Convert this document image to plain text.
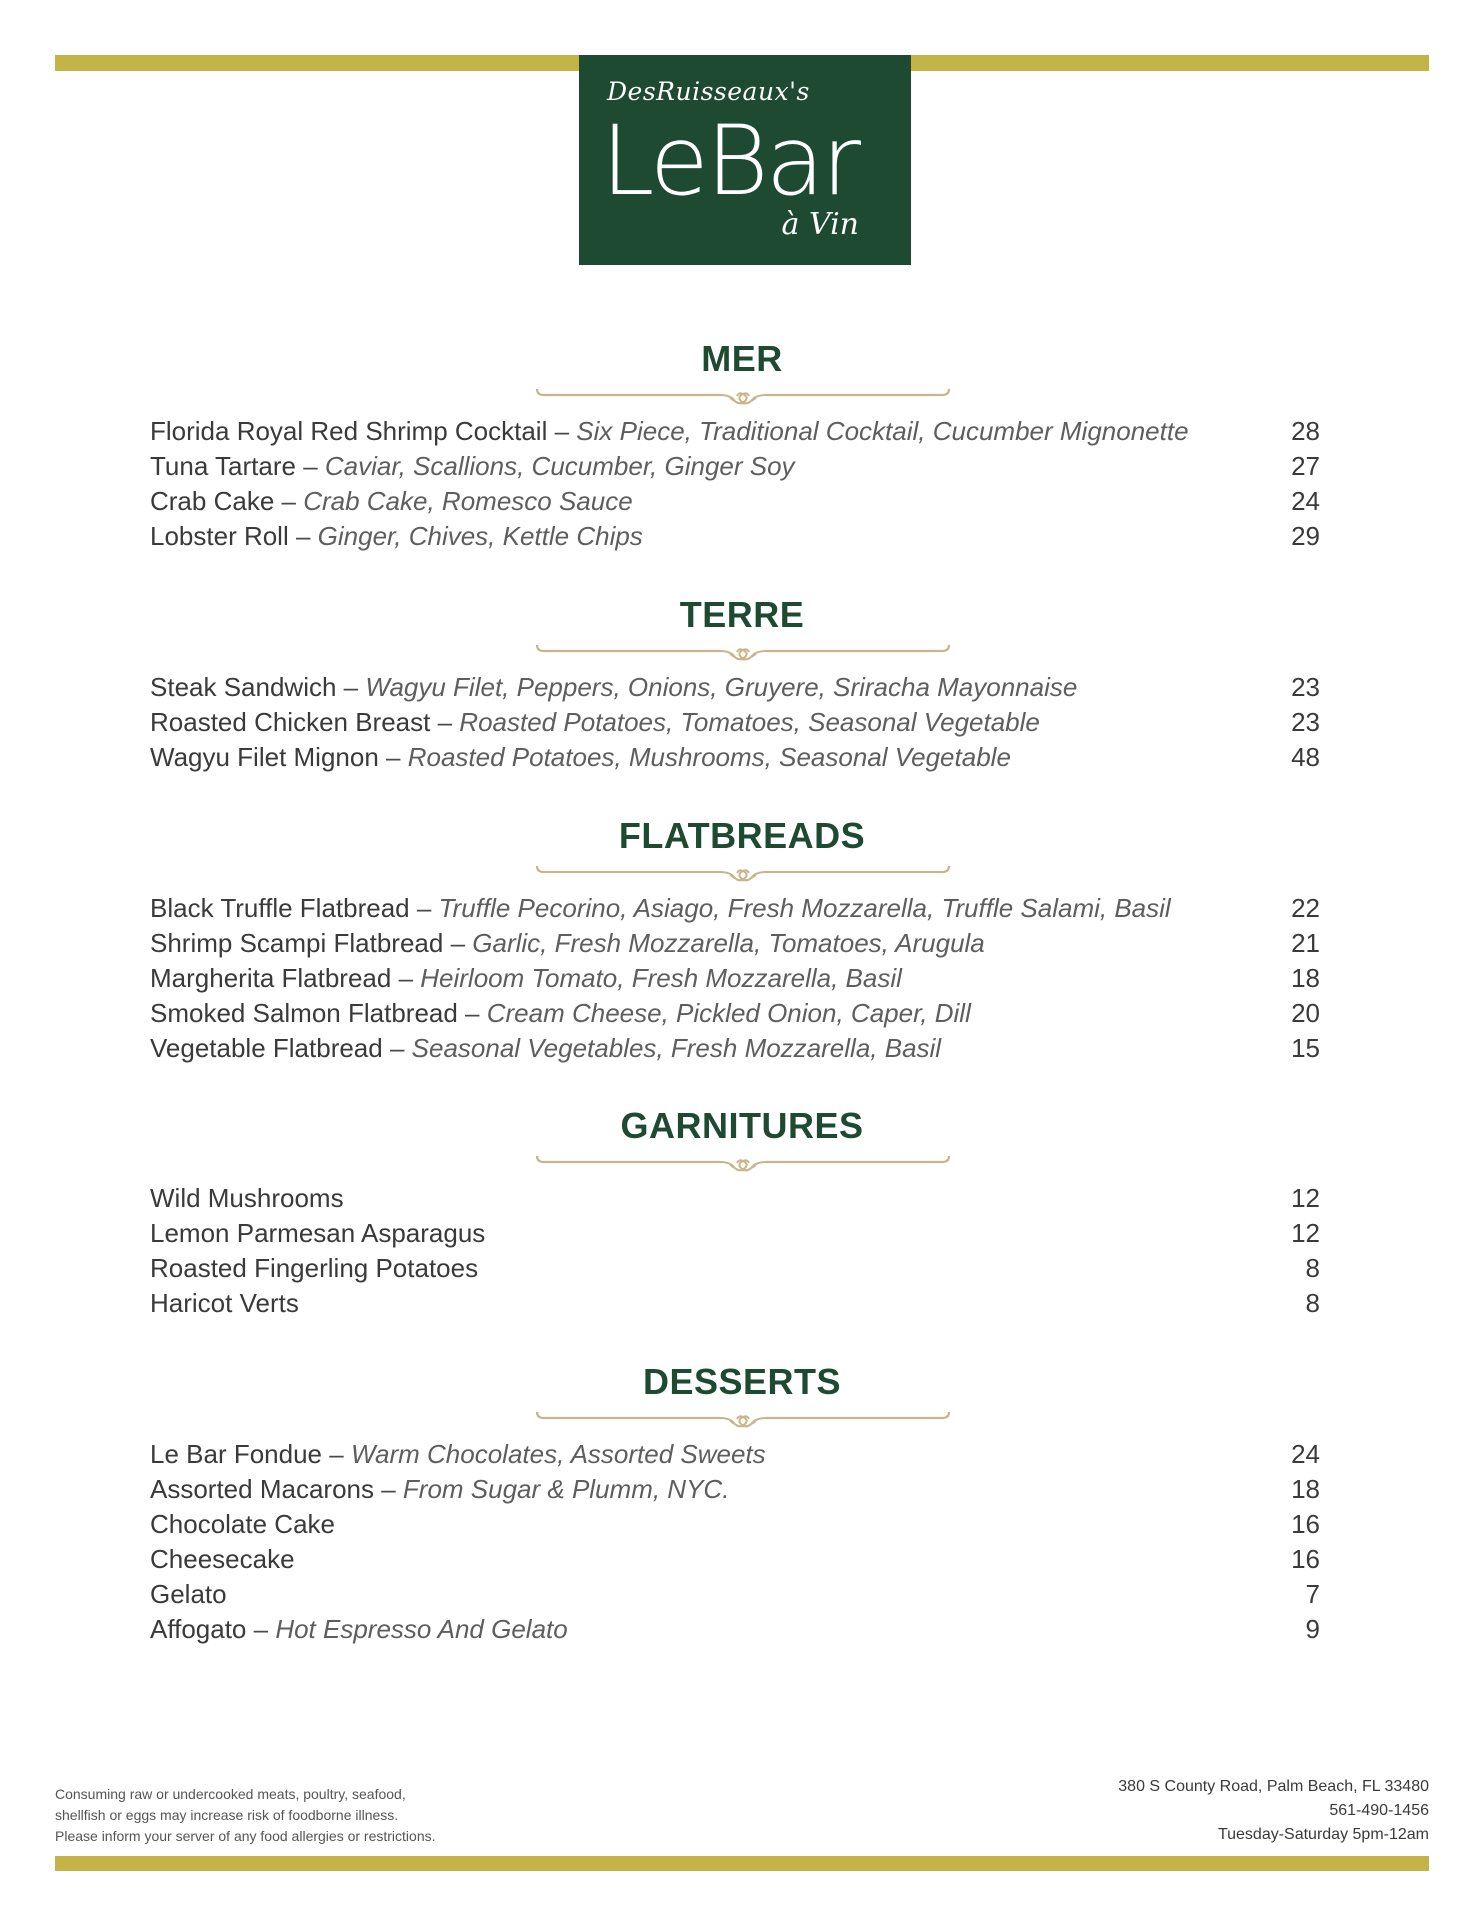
DesRuisseaux's
LeBar
à Vin
MER
Florida Royal Red Shrimp Cocktail – Six Piece, Traditional Cocktail, Cucumber Mignonette	28
Tuna Tartare – Caviar, Scallions, Cucumber, Ginger Soy	27
Crab Cake – Crab Cake, Romesco Sauce	24
Lobster Roll – Ginger, Chives, Kettle Chips	29
TERRE
Steak Sandwich – Wagyu Filet, Peppers, Onions, Gruyere, Sriracha Mayonnaise	23
Roasted Chicken Breast – Roasted Potatoes, Tomatoes, Seasonal Vegetable	23
Wagyu Filet Mignon – Roasted Potatoes, Mushrooms, Seasonal Vegetable	48
FLATBREADS
Black Truffle Flatbread – Truffle Pecorino, Asiago, Fresh Mozzarella, Truffle Salami, Basil	22
Shrimp Scampi Flatbread – Garlic, Fresh Mozzarella, Tomatoes, Arugula	21
Margherita Flatbread – Heirloom Tomato, Fresh Mozzarella, Basil	18
Smoked Salmon Flatbread – Cream Cheese, Pickled Onion, Caper, Dill	20
Vegetable Flatbread – Seasonal Vegetables, Fresh Mozzarella, Basil	15
GARNITURES
Wild Mushrooms	12
Lemon Parmesan Asparagus	12
Roasted Fingerling Potatoes	8
Haricot Verts	8
DESSERTS
Le Bar Fondue – Warm Chocolates, Assorted Sweets	24
Assorted Macarons – From Sugar & Plumm, NYC.	18
Chocolate Cake	16
Cheesecake	16
Gelato	7
Affogato – Hot Espresso And Gelato	9
Consuming raw or undercooked meats, poultry, seafood,
shellfish or eggs may increase risk of foodborne illness.
Please inform your server of any food allergies or restrictions.
380 S County Road, Palm Beach, FL 33480
561-490-1456
Tuesday-Saturday 5pm-12am
